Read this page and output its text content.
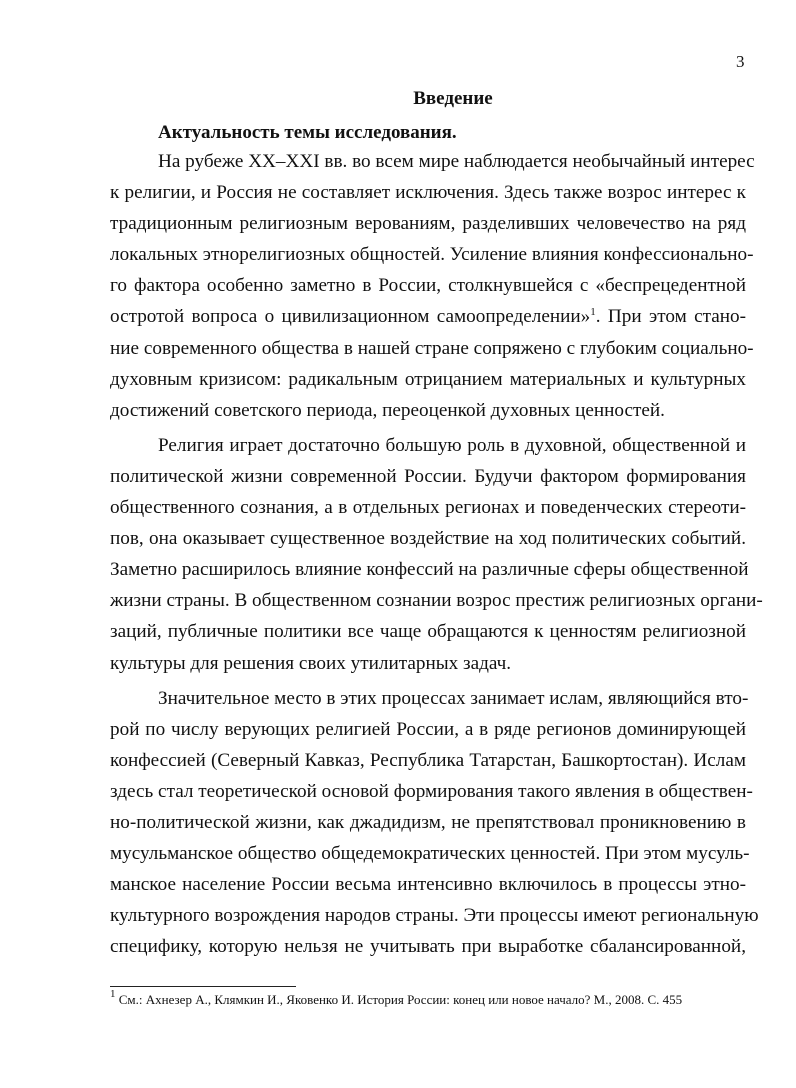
3
Введение
Актуальность темы исследования.
На рубеже XX–XXI вв. во всем мире наблюдается необычайный интерес
к религии, и Россия не составляет исключения. Здесь также возрос интерес к
традиционным религиозным верованиям, разделивших человечество на ряд
локальных этнорелигиозных общностей. Усиление влияния конфессионально-
го фактора особенно заметно в России, столкнувшейся с «беспрецедентной
остротой вопроса о цивилизационном самоопределении»$^1$. При этом стано-
ние современного общества в нашей стране сопряжено с глубоким социально-
духовным кризисом: радикальным отрицанием материальных и культурных
достижений советского периода, переоценкой духовных ценностей.
Религия играет достаточно большую роль в духовной, общественной и
политической жизни современной России. Будучи фактором формирования
общественного сознания, а в отдельных регионах и поведенческих стереоти-
пов, она оказывает существенное воздействие на ход политических событий.
Заметно расширилось влияние конфессий на различные сферы общественной
жизни страны. В общественном сознании возрос престиж религиозных органи-
заций, публичные политики все чаще обращаются к ценностям религиозной
культуры для решения своих утилитарных задач.
Значительное место в этих процессах занимает ислам, являющийся вто-
рой по числу верующих религией России, а в ряде регионов доминирующей
конфессией (Северный Кавказ, Республика Татарстан, Башкортостан). Ислам
здесь стал теоретической основой формирования такого явления в обществен-
но-политической жизни, как джадидизм, не препятствовал проникновению в
мусульманское общество общедемократических ценностей. При этом мусуль-
манское население России весьма интенсивно включилось в процессы этно-
культурного возрождения народов страны. Эти процессы имеют региональную
специфику, которую нельзя не учитывать при выработке сбалансированной,
$^1$ См.: Ахнезер А., Клямкин И., Яковенко И. История России: конец или новое начало? М., 2008. С. 455
